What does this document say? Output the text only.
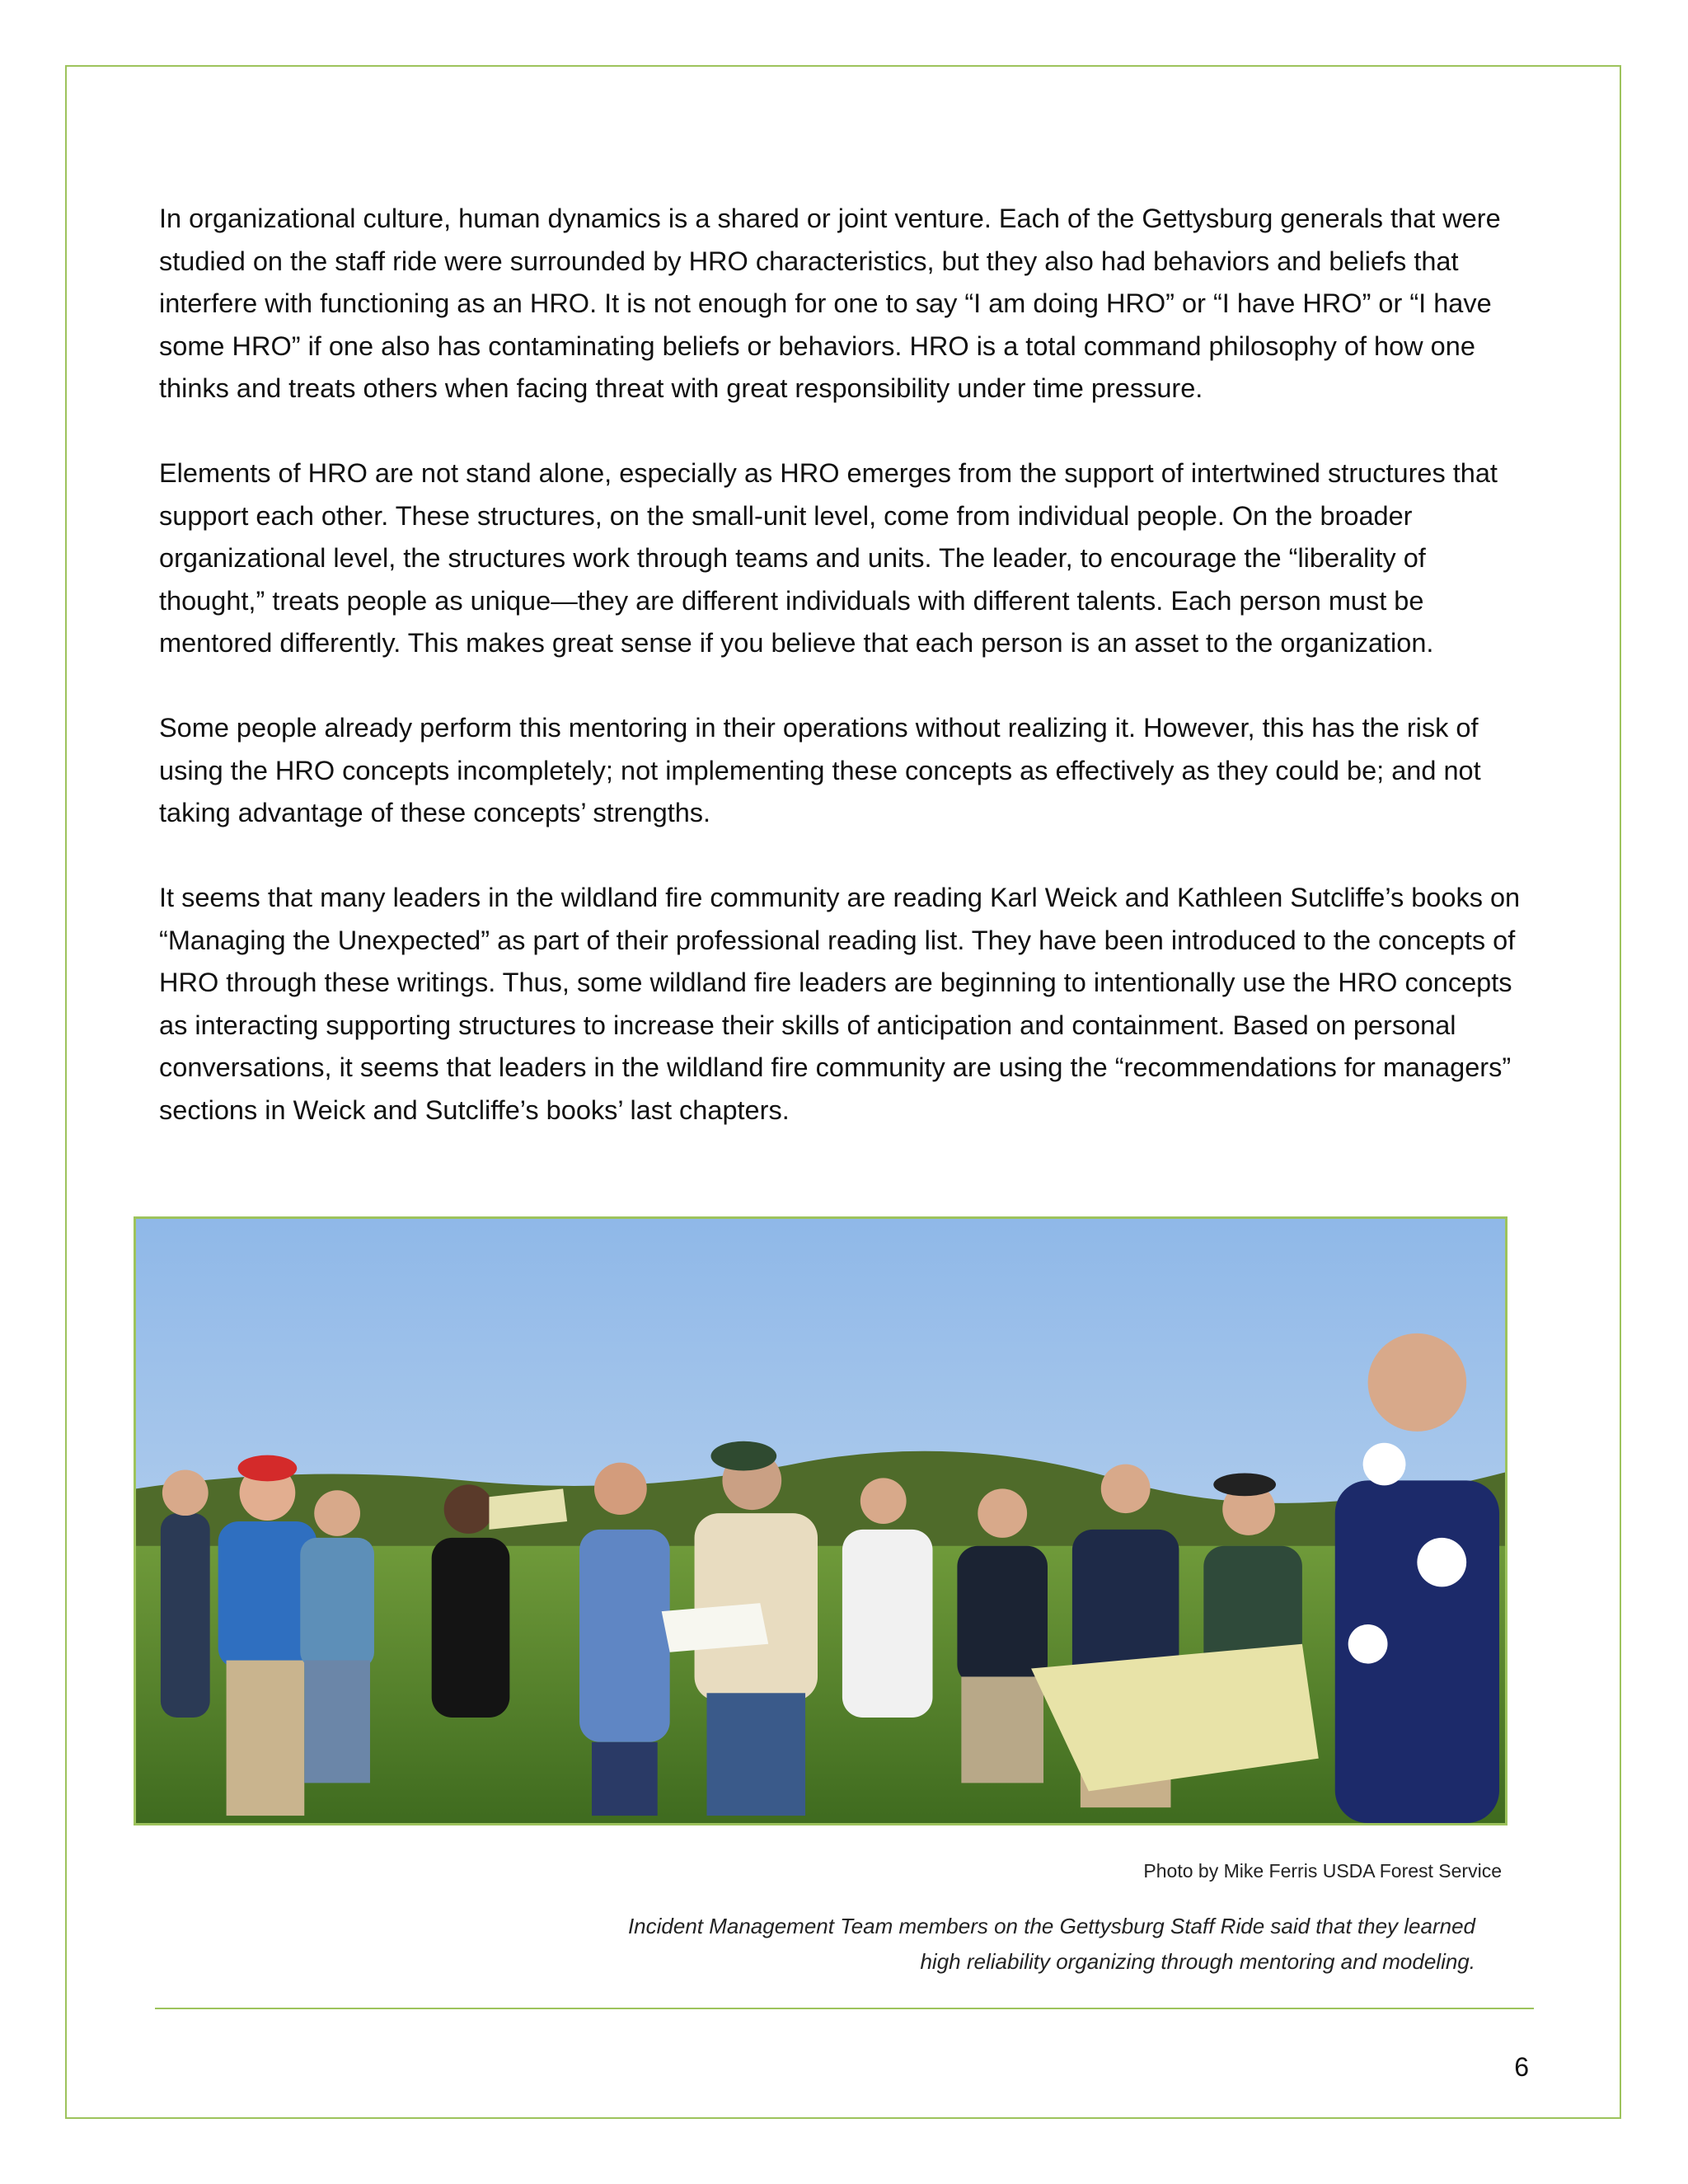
In organizational culture, human dynamics is a shared or joint venture. Each of the Gettysburg generals that were studied on the staff ride were surrounded by HRO characteristics, but they also had behaviors and beliefs that interfere with functioning as an HRO. It is not enough for one to say “I am doing HRO” or “I have HRO” or “I have some HRO” if one also has contaminating beliefs or behaviors. HRO is a total command philosophy of how one thinks and treats others when facing threat with great responsibility under time pressure.

Elements of HRO are not stand alone, especially as HRO emerges from the support of intertwined structures that support each other. These structures, on the small-unit level, come from individual people. On the broader organizational level, the structures work through teams and units. The leader, to encourage the “liberality of thought,” treats people as unique—they are different individuals with different talents. Each person must be mentored differently. This makes great sense if you believe that each person is an asset to the organization.

Some people already perform this mentoring in their operations without realizing it. However, this has the risk of using the HRO concepts incompletely; not implementing these concepts as effectively as they could be; and not taking advantage of these concepts’ strengths.

It seems that many leaders in the wildland fire community are reading Karl Weick and Kathleen Sutcliffe’s books on “Managing the Unexpected” as part of their professional reading list. They have been introduced to the concepts of HRO through these writings. Thus, some wildland fire leaders are beginning to intentionally use the HRO concepts as interacting supporting structures to increase their skills of anticipation and containment. Based on personal conversations, it seems that leaders in the wildland fire community are using the “recommendations for managers” sections in Weick and Sutcliffe’s books’ last chapters.

Photo by Mike Ferris USDA Forest Service
Incident Management Team members on the Gettysburg Staff Ride said that they learned
high reliability organizing through mentoring and modeling.
6
